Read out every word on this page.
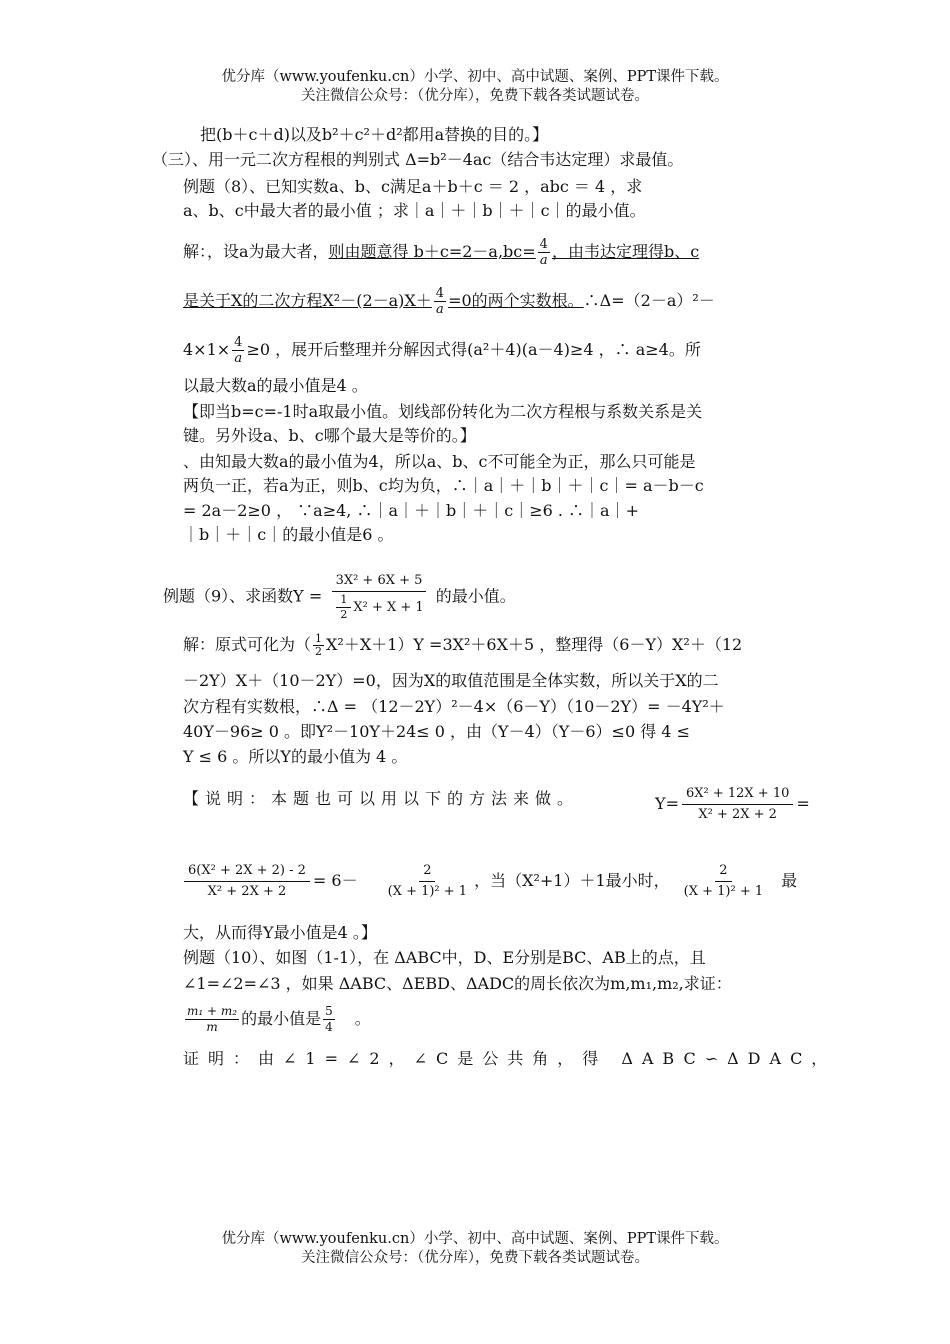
优分库（www.youfenku.cn）小学、初中、高中试题、案例、PPT课件下载。
关注微信公众号：（优分库），免费下载各类试题试卷。
把(b＋c＋d)以及b²＋c²＋d²都用a替换的目的。】
（三）、用一元二次方程根的判别式 Δ=b²－4ac（结合韦达定理）求最值。
例题（8）、已知实数a、b、c满足a＋b＋c ＝ 2 ，abc ＝ 4 ，求
a、b、c中最大者的最小值 ；求｜a｜＋｜b｜＋｜c｜的最小值。
解：，设a为最大者，则由题意得 $b+c=2-a,bc= \frac{4}{a}$ ，由韦达定理得b、c
是关于X的二次方程$X^2-(2-a)X+ \frac{4}{a} =0$的两个实数根。∴Δ=（2－a）²－
$4\times 1\times \frac{4}{a} \ge 0$ ，展开后整理并分解因式得(a²＋4)(a－4)≥4 ，∴ a≥4。所
以最大数a的最小值是4 。
【即当b=c=-1时a取最小值。划线部份转化为二次方程根与系数关系是关
键。另外设a、b、c哪个最大是等价的。】
、由知最大数a的最小值为4，所以a、b、c不可能全为正，那么只可能是
两负一正，若a为正，则b、c均为负，∴｜a｜＋｜b｜＋｜c｜= a－b－c
= 2a－2≥0 ， ∵a≥4, ∴｜a｜＋｜b｜＋｜c｜≥6 . ∴｜a｜+
｜b｜＋｜c｜的最小值是6 。
例题（9）、求函数$Y = \frac{\text{3X² + 6X + 5}}{\frac{1}{2} X^2 + X + 1}$ 的最小值。
解：原式可化为（ $\frac{1}{2} X^2+X+1)Y =3X^2+6X+5$ ，整理得（6－Y）X²＋（12
－2Y）X＋（10－2Y）=0，因为X的取值范围是全体实数，所以关于X的二
次方程有实数根，∴Δ = （12－2Y）²－4×（6－Y）（10－2Y）= －4Y²＋
40Y－96≥ 0 。即Y²－10Y＋24≤ 0 ，由（Y－4）（Y－6）≤0 得 4 ≤
Y ≤ 6 。所以Y的最小值为 4 。
【说明：本题也可以用以下的方法来做。	$Y= \frac{\text{6X² + 12X + 10}}{\text{X² + 2X + 2}}$ =
$\frac{\text{6(X² + 2X + 2) - 2}}{\text{X² + 2X + 2}} = 6- \frac{2}{\text{(X + 1)² + 1}}$ ，当（X²+1）＋1最小时， $\frac{2}{\text{(X + 1)² + 1}}$ 最
大，从而得Y最小值是4 。】
例题（10）、如图（1-1），在 ΔABC中，D、E分别是BC、AB上的点，且
∠1=∠2=∠3 ，如果 ΔABC、ΔEBD、ΔADC的周长依次为m,m₁,m₂,求证：
$\frac{\text{m₁ + m₂}}{m}$ 的最小值是 $\frac{5}{4}$ 。
证明：由∠1=∠2，∠C是公共角，得 ΔABC∽ΔDAC，
优分库（www.youfenku.cn）小学、初中、高中试题、案例、PPT课件下载。
关注微信公众号：（优分库），免费下载各类试题试卷。
